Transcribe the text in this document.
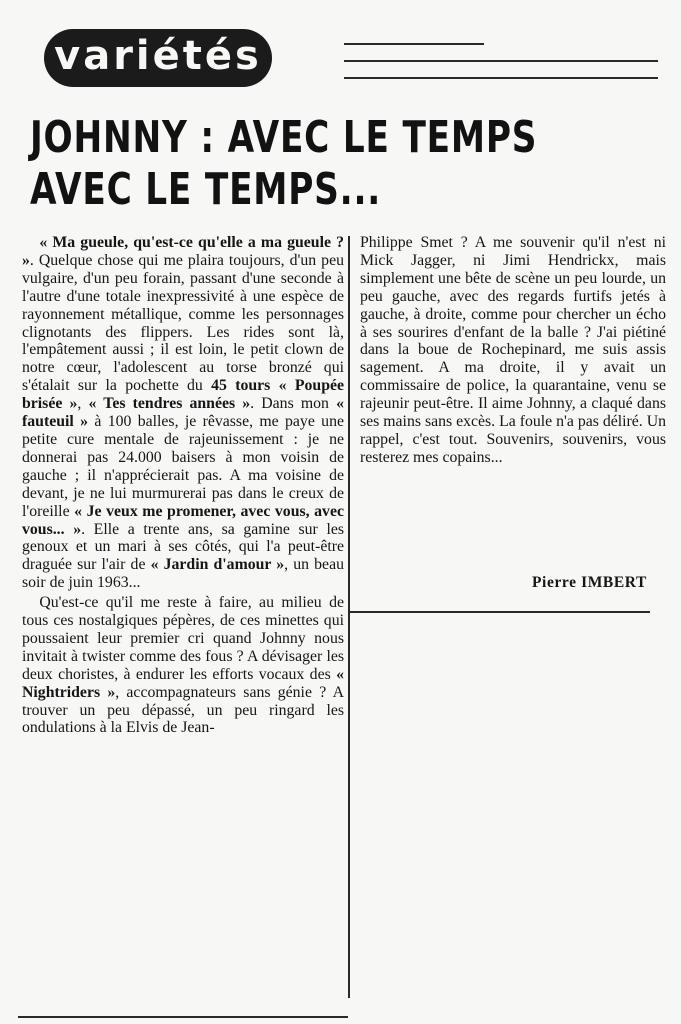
variétés
JOHNNY : AVEC LE TEMPS
AVEC LE TEMPS...

« Ma gueule, qu'est-ce qu'elle a ma gueule ? ». Quelque chose qui me plaira toujours, d'un peu vulgaire, d'un peu forain, passant d'une seconde à l'autre d'une totale inexpressivité à une espèce de rayonnement métallique, comme les personnages clignotants des flippers. Les rides sont là, l'empâtement aussi ; il est loin, le petit clown de notre cœur, l'adolescent au torse bronzé qui s'étalait sur la pochette du 45 tours « Poupée brisée », « Tes tendres années ». Dans mon « fauteuil » à 100 balles, je rêvasse, me paye une petite cure mentale de rajeunissement : je ne donnerai pas 24.000 baisers à mon voisin de gauche ; il n'apprécierait pas. A ma voisine de devant, je ne lui murmurerai pas dans le creux de l'oreille « Je veux me promener, avec vous, avec vous... ». Elle a trente ans, sa gamine sur les genoux et un mari à ses côtés, qui l'a peut-être draguée sur l'air de « Jardin d'amour », un beau soir de juin 1963...

Qu'est-ce qu'il me reste à faire, au milieu de tous ces nostalgiques pépères, de ces minettes qui poussaient leur premier cri quand Johnny nous invitait à twister comme des fous ? A dévisager les deux choristes, à endurer les efforts vocaux des « Nightriders », accompagnateurs sans génie ? A trouver un peu dépassé, un peu ringard les ondulations à la Elvis de Jean-

Philippe Smet ? A me souvenir qu'il n'est ni Mick Jagger, ni Jimi Hendrickx, mais simplement une bête de scène un peu lourde, un peu gauche, avec des regards furtifs jetés à gauche, à droite, comme pour chercher un écho à ses sourires d'enfant de la balle ? J'ai piétiné dans la boue de Rochepinard, me suis assis sagement. A ma droite, il y avait un commissaire de police, la quarantaine, venu se rajeunir peut-être. Il aime Johnny, a claqué dans ses mains sans excès. La foule n'a pas déliré. Un rappel, c'est tout. Souvenirs, souvenirs, vous resterez mes copains...

Pierre IMBERT
